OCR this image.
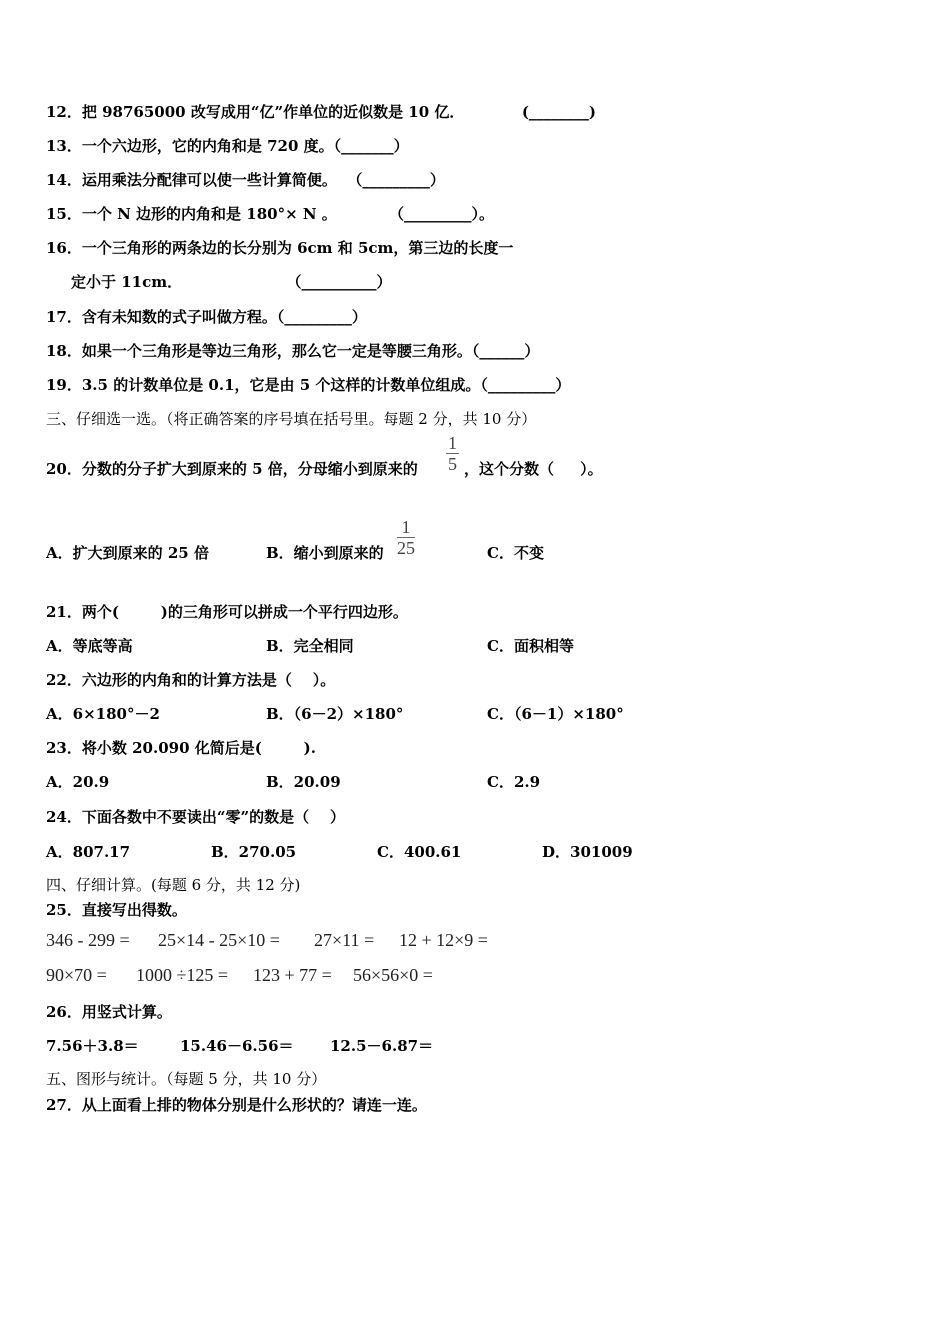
12．把 98765000 改写成用“亿”作单位的近似数是 10 亿．           (________)
13．一个六边形，它的内角和是 720 度。（_______）
14．运用乘法分配律可以使一些计算简便。  （_________）
15．一个 N 边形的内角和是 180°× N 。          （_________）。
16．一个三角形的两条边的长分别为 6cm 和 5cm，第三边的长度一
定小于 11cm．                    （__________）
17．含有未知数的式子叫做方程。（_________）
18．如果一个三角形是等边三角形，那么它一定是等腰三角形。（______）
19．3.5 的计数单位是 0.1，它是由 5 个这样的计数单位组成。（_________）
三、仔细选一选。（将正确答案的序号填在括号里。每题 2 分，共 10 分）
20．分数的分子扩大到原来的 5 倍，分母缩小到原来的 $\frac{1}{5}$ ，这个分数（     ）。
A．扩大到原来的 25 倍	B．缩小到原来的 $\frac{1}{25}$	C．不变
21．两个(        )的三角形可以拼成一个平行四边形。
A．等底等高	B．完全相同	C．面积相等
22．六边形的内角和的计算方法是（    ）。
A．6×180°－2	B．（6－2）×180°	C．（6－1）×180°
23．将小数 20.090 化简后是(        ).
A．20.9	B．20.09	C．2.9
24．下面各数中不要读出“零”的数是（    ）
A．807.17	B．270.05	C．400.61	D．301009
四、仔细计算。(每题 6 分，共 12 分)
25．直接写出得数。
346 - 299 = 25×14 - 25×10 = 27×11 = 12 + 12×9 =
90×70 = 1000 ÷125 = 123 + 77 = 56×56×0 =
26．用竖式计算。
7.56＋3.8＝	15.46－6.56＝ 12.5－6.87＝
五、图形与统计。（每题 5 分，共 10 分）
27．从上面看上排的物体分别是什么形状的？请连一连。
